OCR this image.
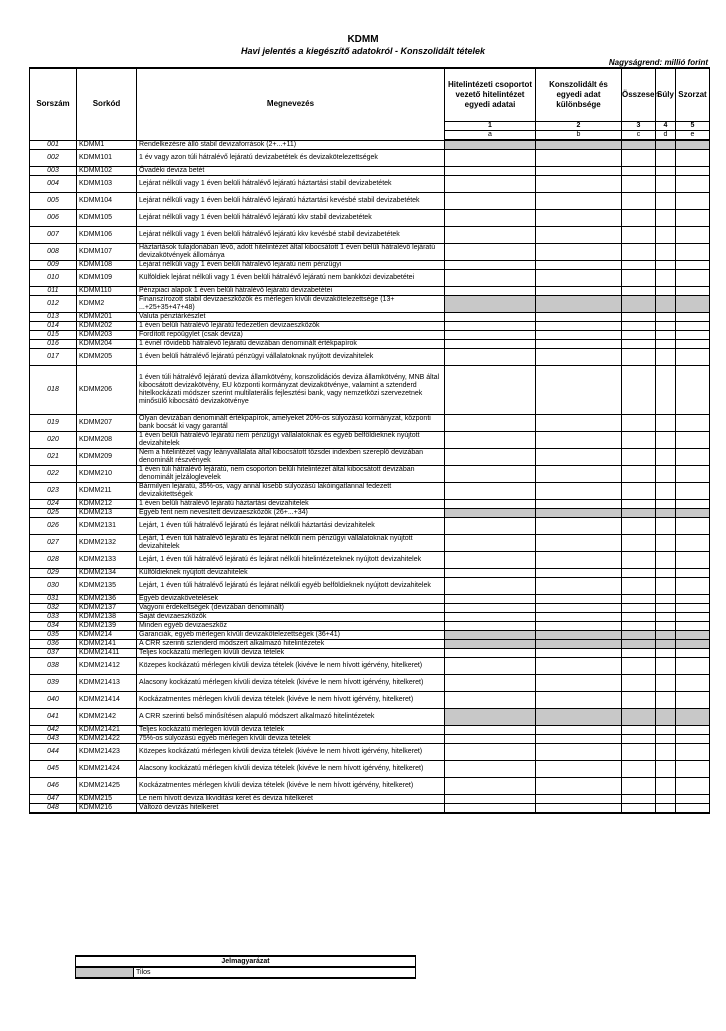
KDMM
Havi jelentés a kiegészítő adatokról - Konszolidált tételek
Nagyságrend: millió forint
Sorszám	Sorkód	Megnevezés	Hitelintézeti csoportot vezető hitelintézet egyedi adatai	Konszolidált és egyedi adat különbsége	Összesen	Súly	Szorzat	
			1	2	3	4	5	
			a	b	c	d	e	
001	KDMM1	Rendelkezésre álló stabil devizaforrások (2+...+11)						
002	KDMM101	1 év vagy azon túli hátralévő lejáratú devizabetétek és devizakötelezettségek						
003	KDMM102	Óvadéki deviza betét						
004	KDMM103	Lejárat nélküli vagy 1 éven belüli hátralévő lejáratú háztartási stabil devizabetétek						
005	KDMM104	Lejárat nélküli vagy 1 éven belüli hátralévő lejáratú háztartási kevésbé stabil devizabetétek						
006	KDMM105	Lejárat nélküli vagy 1 éven belüli hátralévő lejáratú kkv stabil devizabetétek						
007	KDMM106	Lejárat nélküli vagy 1 éven belüli hátralévő lejáratú kkv kevésbé stabil devizabetétek						
008	KDMM107	Háztartások tulajdonában lévő, adott hitelintézet által kibocsátott 1 éven belüli hátralévő lejáratú devizakötvények állománya						
009	KDMM108	Lejárat nélküli vagy 1 éven belüli hátralévő lejáratú nem pénzügyi						
010	KDMM109	Külföldiek lejárat nélküli vagy 1 éven belüli hátralévő lejáratú nem bankközi devizabetétei						
011	KDMM110	Pénzpiaci alapok 1 éven belüli hátralévő lejáratú devizabetétei						
012	KDMM2	Finanszírozott stabil devizaeszközök és mérlegen kívüli devizakötelezettsége (13+ ...+25+35+47+48)						
013	KDMM201	Valuta pénztárkészlet						
014	KDMM202	1 éven belüli hátralévő lejáratú fedezetlen devizaeszközök						
015	KDMM203	Fordított repóügylet (csak deviza)						
016	KDMM204	1 évnél rövidebb hátralévő lejáratú devizában denominált értékpapírok						
017	KDMM205	1 éven belüli hátralévő lejáratú pénzügyi vállalatoknak nyújtott devizahitelek						
018	KDMM206	1 éven túli hátralévő lejáratú deviza államkötvény, konszolidációs deviza államkötvény, MNB által kibocsátott devizakötvény, EU központi kormányzat devizakötvénye, valamint a sztenderd hitelkockázati módszer szerint multilaterális fejlesztési bank, vagy nemzetközi szervezetnek minősülő kibocsátó devizakötvénye						
019	KDMM207	Olyan devizában denominált értékpapírok, amelyeket 20%-os súlyozású kormányzat, központi bank bocsát ki vagy garantál						
020	KDMM208	1 éven belüli hátralévő lejáratú nem pénzügyi vállalatoknak és egyéb belföldieknek nyújtott devizahitelek						
021	KDMM209	Nem a hitelintézet vagy leányvállalata által kibocsátott tőzsdei indexben szereplő devizában denominált részvények						
022	KDMM210	1 éven túli hátralévő lejáratú, nem csoporton belüli hitelintézet által kibocsátott devizában denominált jelzáloglevelek						
023	KDMM211	Bármilyen lejáratú, 35%-os, vagy annál kisebb súlyozású lakóingatlannal fedezett devizakitettségek						
024	KDMM212	1 éven belüli hátralévő lejáratú háztartási devizahitelek						
025	KDMM213	Egyéb fent nem nevesített devizaeszközök (26+...+34)						
026	KDMM2131	Lejárt, 1 éven túli hátralévő lejáratú és lejárat nélküli háztartási devizahitelek						
027	KDMM2132	Lejárt, 1 éven túli hátralévő lejáratú és lejárat nélküli nem pénzügyi vállalatoknak nyújtott devizahitelek						
028	KDMM2133	Lejárt, 1 éven túli hátralévő lejáratú és lejárat nélküli hitelintézeteknek nyújtott devizahitelek						
029	KDMM2134	Külföldieknek nyújtott devizahitelek						
030	KDMM2135	Lejárt, 1 éven túli hátralévő lejáratú és lejárat nélküli egyéb belföldieknek nyújtott devizahitelek						
031	KDMM2136	Egyéb devizakövetelések						
032	KDMM2137	Vagyoni érdekeltségek (devizában denominált)						
033	KDMM2138	Saját devizaeszközök						
034	KDMM2139	Minden egyéb devizaeszköz						
035	KDMM214	Garanciák, egyéb mérlegen kívüli devizakötelezettségek (36+41)						
036	KDMM2141	A CRR szerinti sztenderd módszert alkalmazó hitelintézetek						
037	KDMM21411	Teljes kockázatú mérlegen kívüli deviza tételek						
038	KDMM21412	Közepes kockázatú mérlegen kívüli deviza tételek (kivéve le nem hívott igérvény, hitelkeret)						
039	KDMM21413	Alacsony kockázatú mérlegen kívüli deviza tételek (kivéve le nem hívott igérvény, hitelkeret)						
040	KDMM21414	Kockázatmentes mérlegen kívüli deviza tételek (kivéve le nem hívott igérvény, hitelkeret)						
041	KDMM2142	A CRR szerinti belső minősítésen alapuló módszert alkalmazó hitelintézetek						
042	KDMM21421	Teljes kockázatú mérlegen kívüli deviza tételek						
043	KDMM21422	75%-os súlyozású egyéb mérlegen kívüli deviza tételek						
044	KDMM21423	Közepes kockázatú mérlegen kívüli deviza tételek (kivéve le nem hívott igérvény, hitelkeret)						
045	KDMM21424	Alacsony kockázatú mérlegen kívüli deviza tételek (kivéve le nem hívott igérvény, hitelkeret)						
046	KDMM21425	Kockázatmentes mérlegen kívüli deviza tételek (kivéve le nem hívott igérvény, hitelkeret)						
047	KDMM215	Le nem hívott deviza likviditási keret és deviza hitelkeret						
048	KDMM216	Változó devizás hitelkeret						
Jelmagyarázat
	Tilos
